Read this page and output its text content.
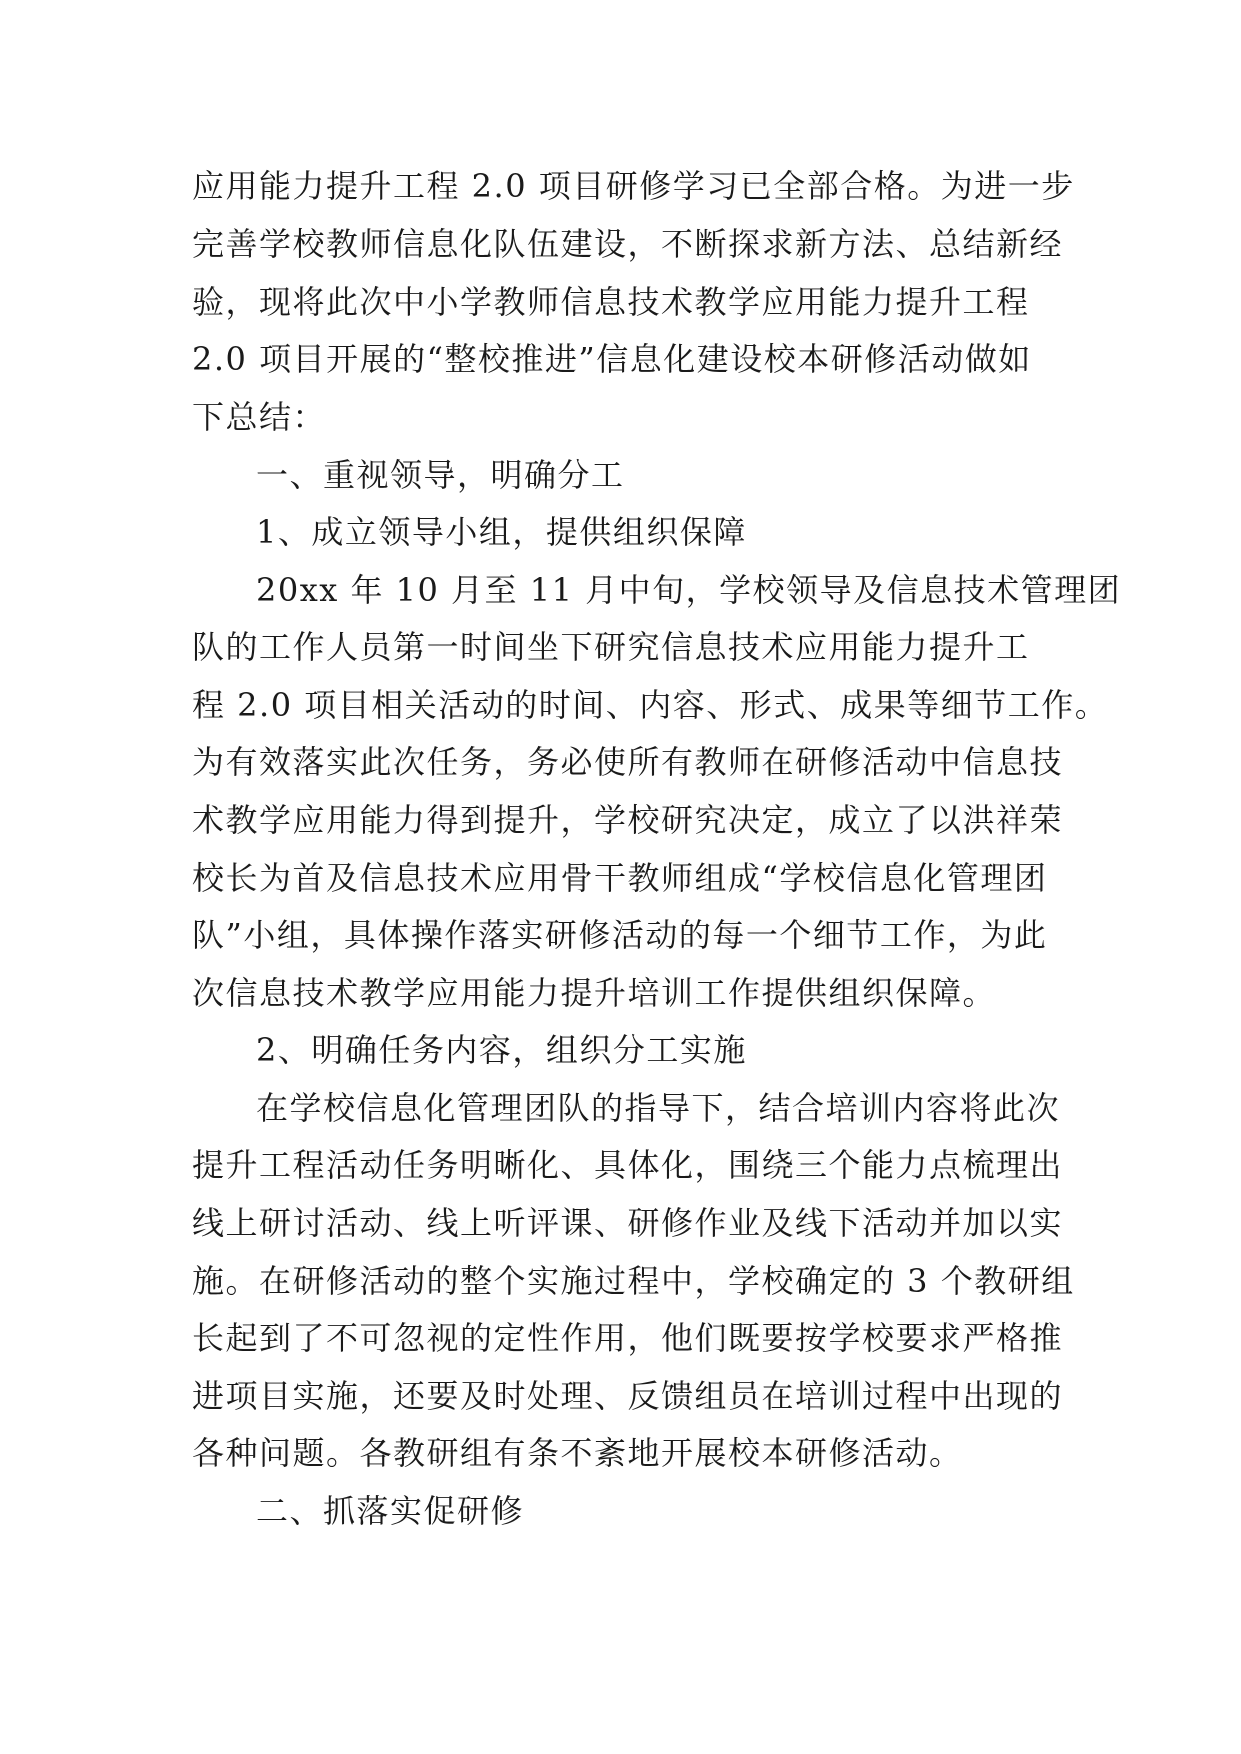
应用能力提升工程 2.0 项目研修学习已全部合格。为进一步
完善学校教师信息化队伍建设，不断探求新方法、总结新经
验，现将此次中小学教师信息技术教学应用能力提升工程
2.0 项目开展的“整校推进”信息化建设校本研修活动做如
下总结：
一、重视领导，明确分工
1、成立领导小组，提供组织保障
20xx 年 10 月至 11 月中旬，学校领导及信息技术管理团
队的工作人员第一时间坐下研究信息技术应用能力提升工
程 2.0 项目相关活动的时间、内容、形式、成果等细节工作。
为有效落实此次任务，务必使所有教师在研修活动中信息技
术教学应用能力得到提升，学校研究决定，成立了以洪祥荣
校长为首及信息技术应用骨干教师组成“学校信息化管理团
队”小组，具体操作落实研修活动的每一个细节工作，为此
次信息技术教学应用能力提升培训工作提供组织保障。
2、明确任务内容，组织分工实施
在学校信息化管理团队的指导下，结合培训内容将此次
提升工程活动任务明晰化、具体化，围绕三个能力点梳理出
线上研讨活动、线上听评课、研修作业及线下活动并加以实
施。在研修活动的整个实施过程中，学校确定的 3 个教研组
长起到了不可忽视的定性作用，他们既要按学校要求严格推
进项目实施，还要及时处理、反馈组员在培训过程中出现的
各种问题。各教研组有条不紊地开展校本研修活动。
二、抓落实促研修
